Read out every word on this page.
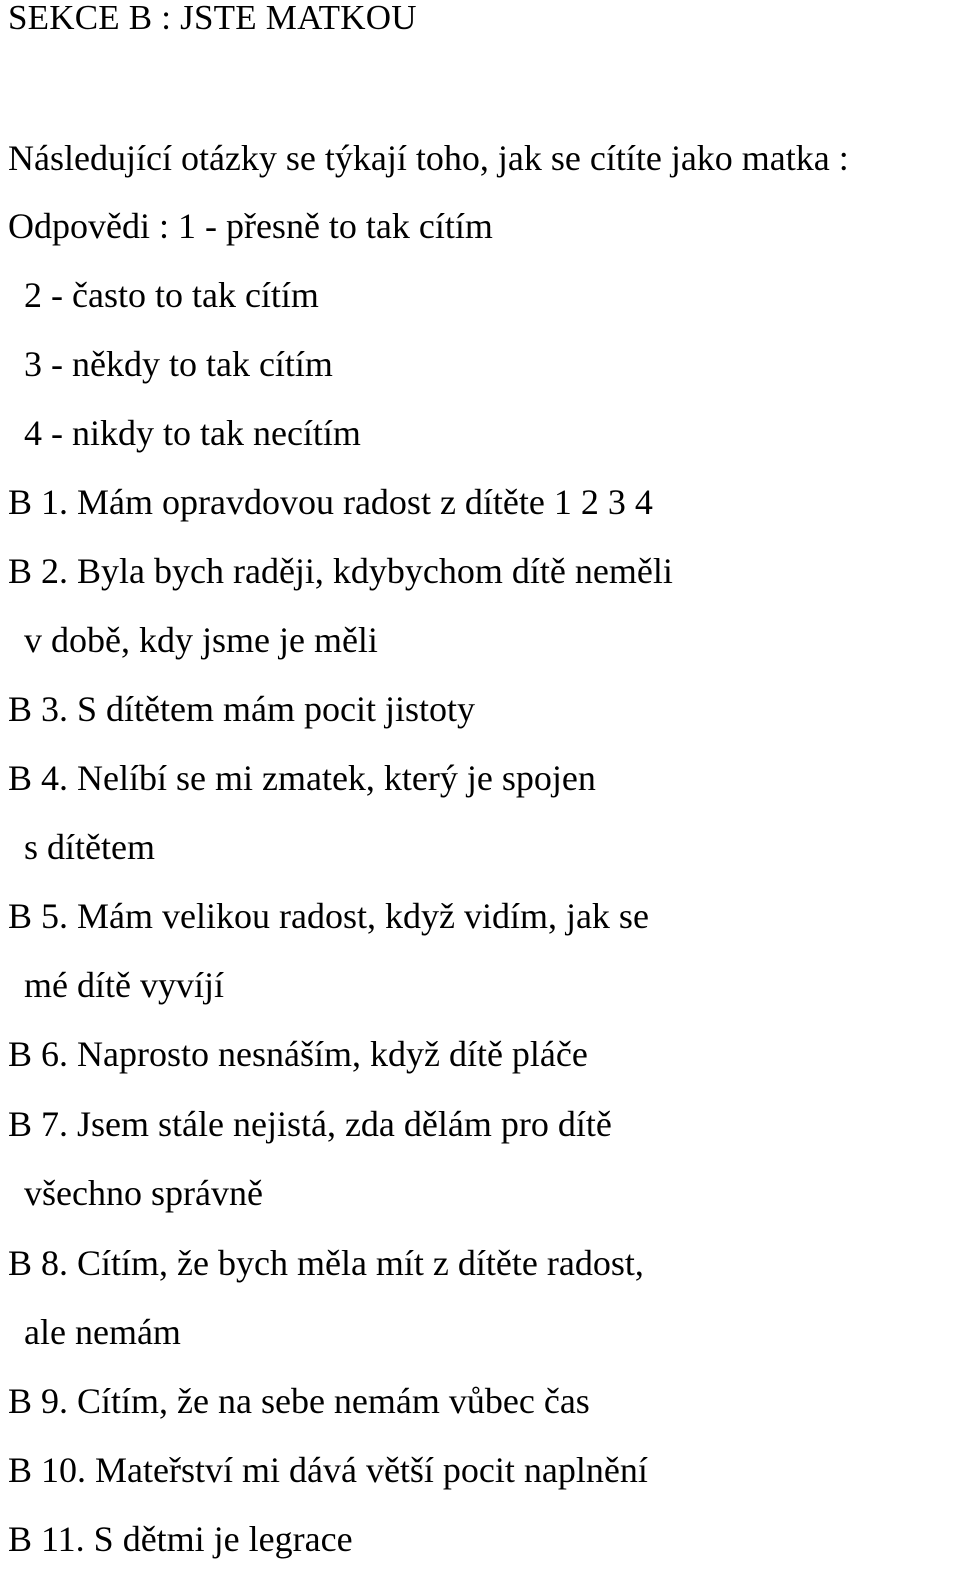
SEKCE B : JSTE MATKOU
Následující otázky se týkají toho, jak se cítíte jako matka :
Odpovědi : 1 - přesně to tak cítím
2 - často to tak cítím
3 - někdy to tak cítím
4 - nikdy to tak necítím
B 1. Mám opravdovou radost z dítěte 1 2 3 4
B 2. Byla bych raději, kdybychom dítě neměli
v době, kdy jsme je měli
B 3. S dítětem mám pocit jistoty
B 4. Nelíbí se mi zmatek, který je spojen
s dítětem
B 5. Mám velikou radost, když vidím, jak se
mé dítě vyvíjí
B 6. Naprosto nesnáším, když dítě pláče
B 7. Jsem stále nejistá, zda dělám pro dítě
všechno správně
B 8. Cítím, že bych měla mít z dítěte radost,
ale nemám
B 9. Cítím, že na sebe nemám vůbec čas
B 10. Mateřství mi dává větší pocit naplnění
B 11. S dětmi je legrace
